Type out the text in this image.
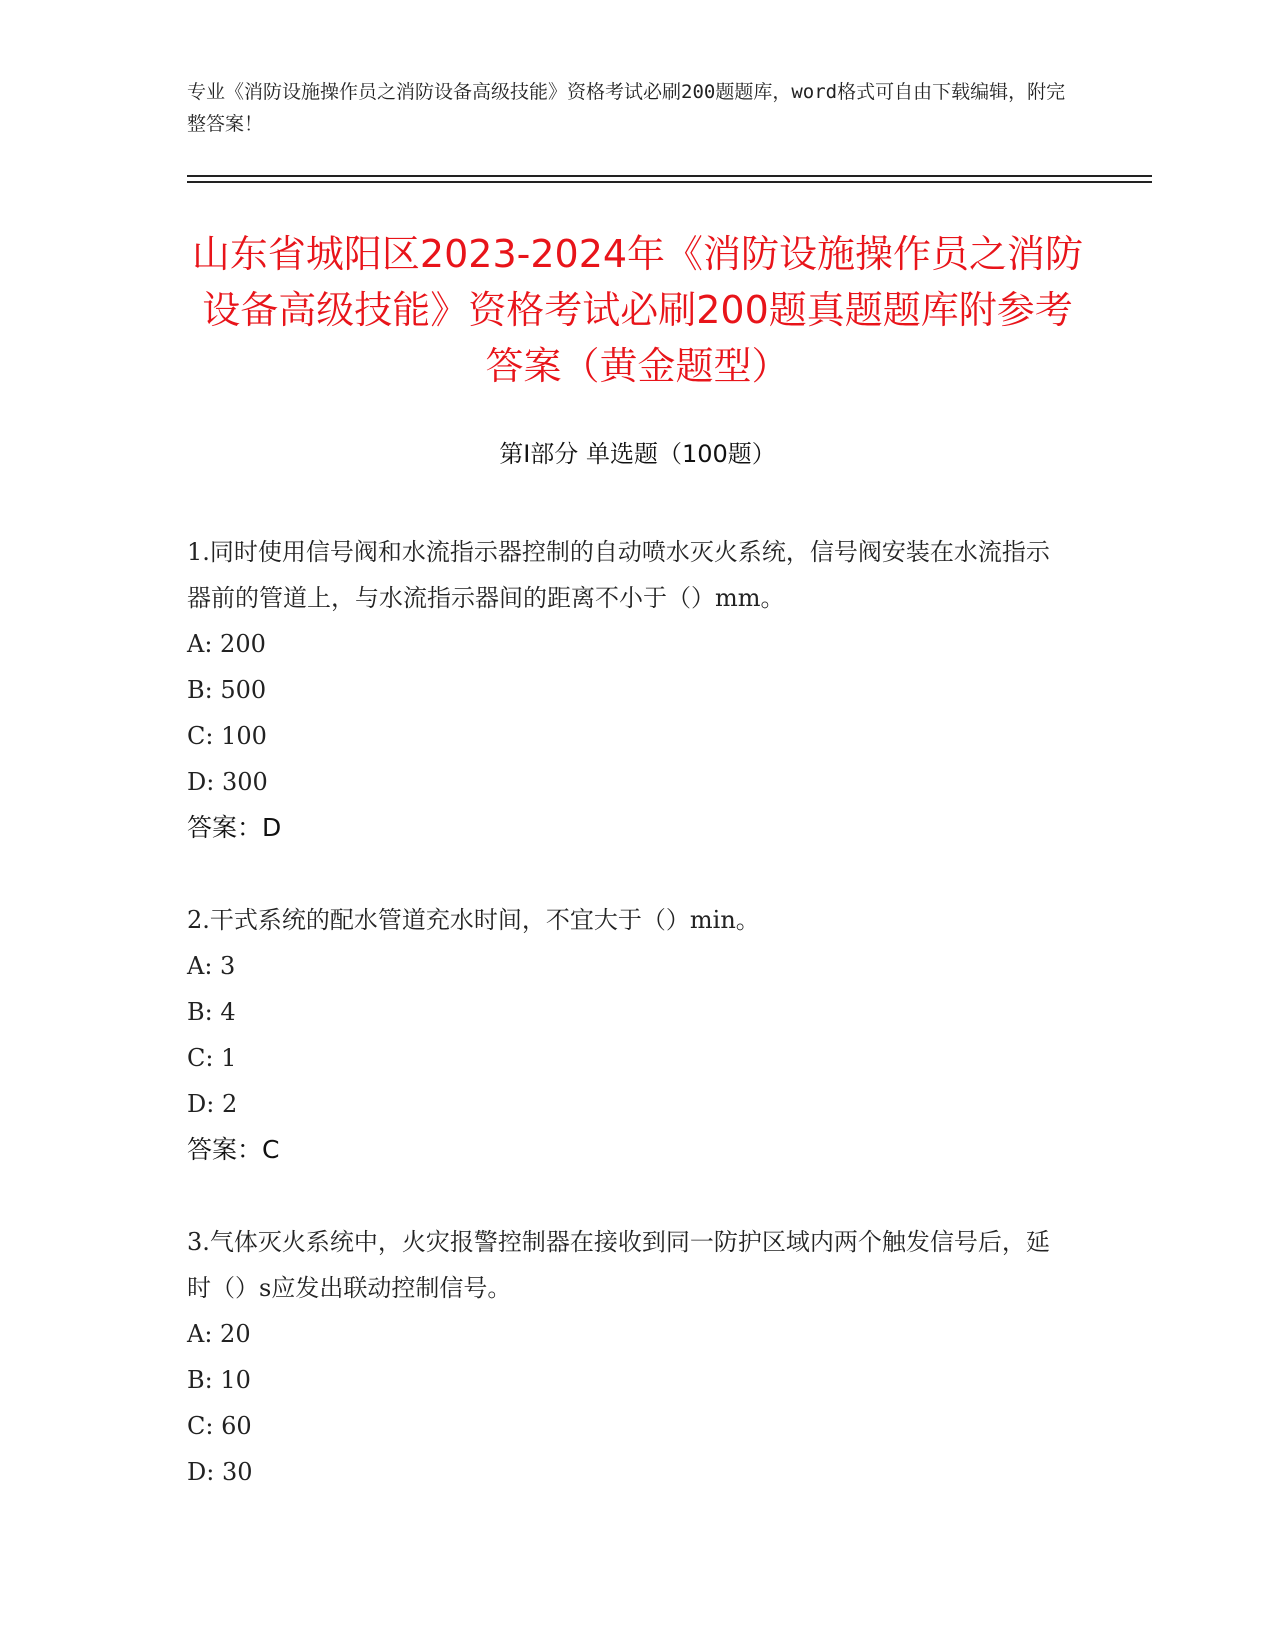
专业《消防设施操作员之消防设备高级技能》资格考试必刷200题题库，word格式可自由下载编辑，附完整答案！
山东省城阳区2023-2024年《消防设施操作员之消防设备高级技能》资格考试必刷200题真题题库附参考答案（黄金题型）
第I部分 单选题（100题）

1.同时使用信号阀和水流指示器控制的自动喷水灭火系统，信号阀安装在水流指示器前的管道上，与水流指示器间的距离不小于（）mm。

A: 200

B: 500

C: 100

D: 300

答案：D

2.干式系统的配水管道充水时间，不宜大于（）min。

A: 3

B: 4

C: 1

D: 2

答案：C

3.气体灭火系统中，火灾报警控制器在接收到同一防护区域内两个触发信号后，延时（）s应发出联动控制信号。

A: 20

B: 10

C: 60

D: 30
